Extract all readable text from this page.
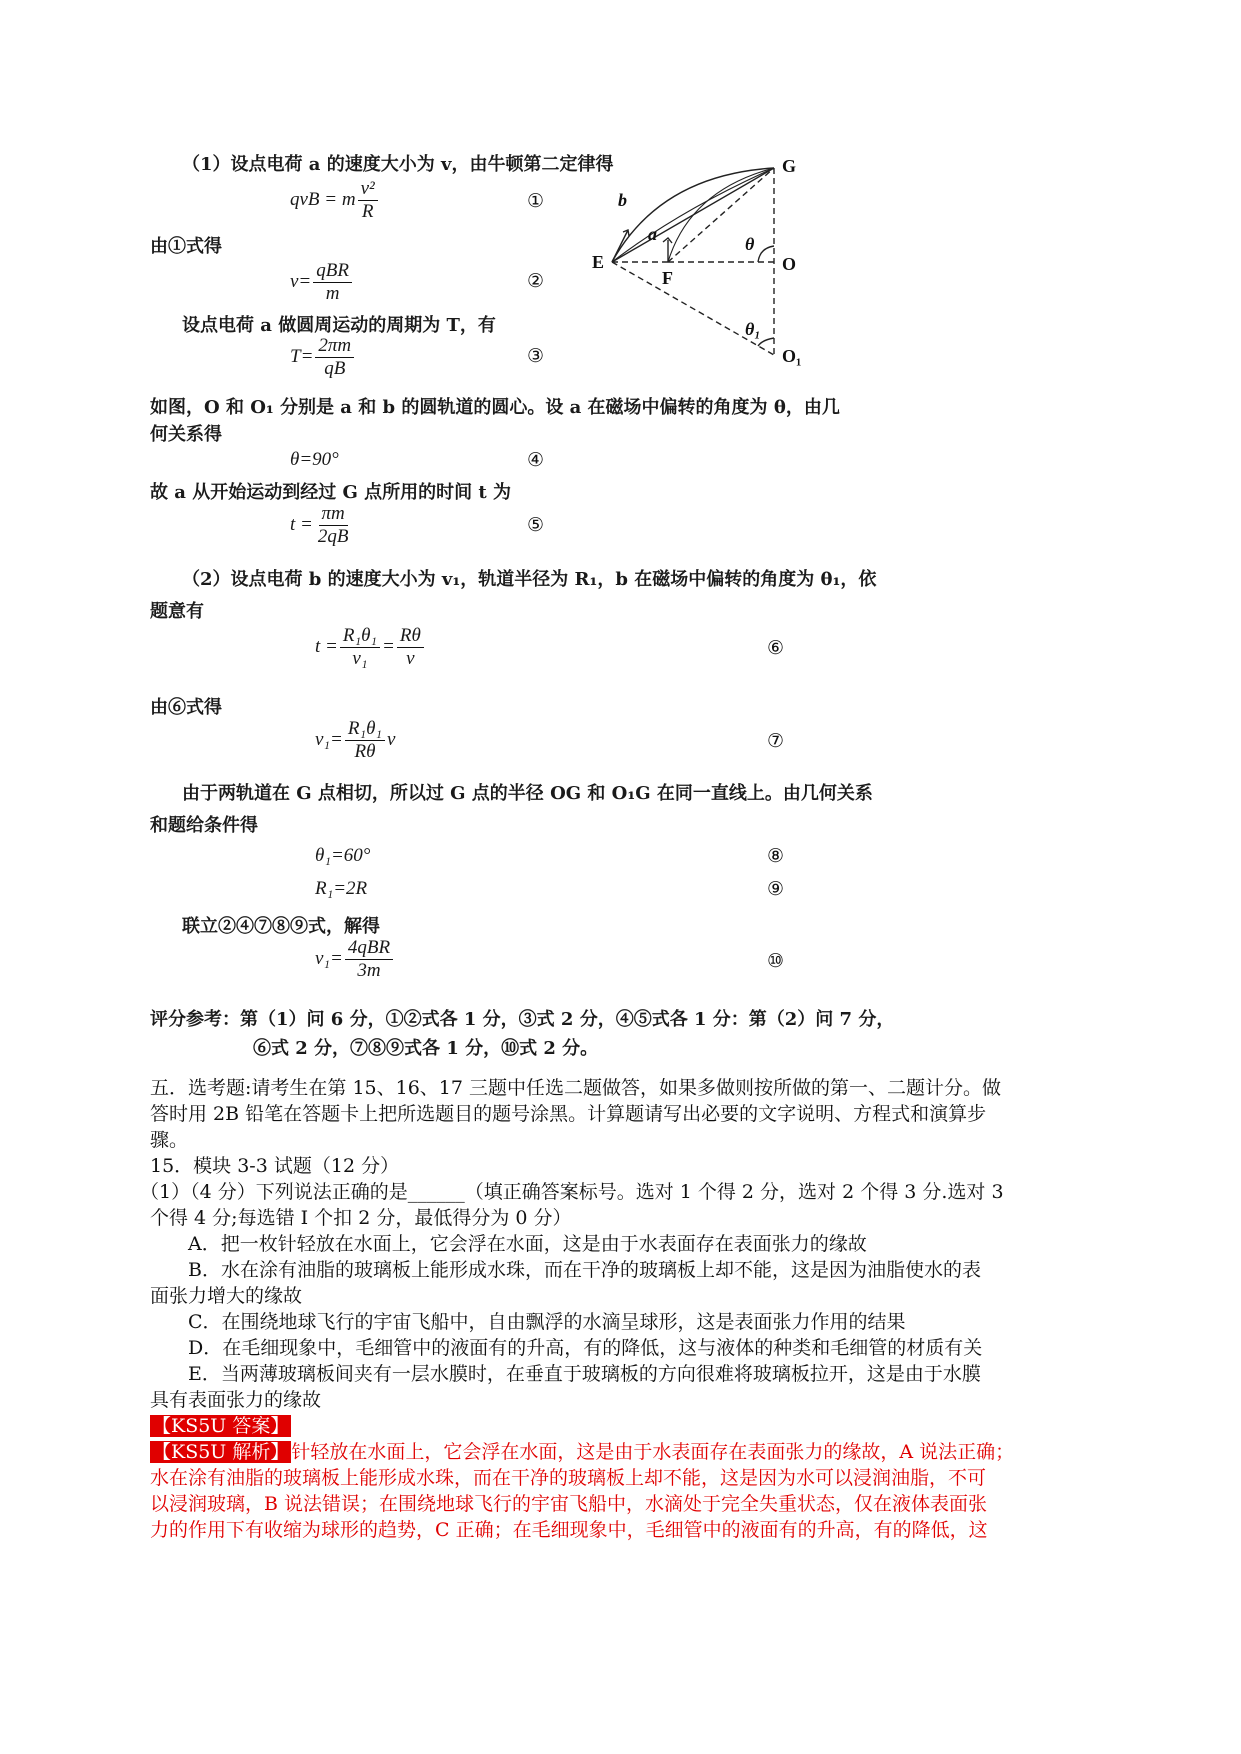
（1）设点电荷 a 的速度大小为 v，由牛顿第二定律得
qvB = m $\frac{\text{v²}}{R}$	①
由①式得
$v= \frac{\text{qBR}}{m}$	②
设点电荷 a 做圆周运动的周期为 T，有
$T= \frac{2\pi m}{qB}$	③
如图，O 和 O₁ 分别是 a 和 b 的圆轨道的圆心。设 a 在磁场中偏转的角度为 θ，由几
何关系得
θ=90°	④
故 a 从开始运动到经过 G 点所用的时间 t 为
$t = \frac{\pi m}{2qB}$	⑤
（2）设点电荷 b 的速度大小为 v₁，轨道半径为 R₁，b 在磁场中偏转的角度为 θ₁，依
题意有
$t = \frac{\text{R₁θ₁}}{\text{v₁}} = \frac{R\theta}{v}$	⑥
由⑥式得
$v_1= \frac{\text{R₁θ₁}}{R\theta}$ v	⑦
由于两轨道在 G 点相切，所以过 G 点的半径 OG 和 O₁G 在同一直线上。由几何关系
和题给条件得
θ₁=60°	⑧
R₁=2R	⑨
联立②④⑦⑧⑨式，解得
$v_1= \frac{\text{4qBR}}{3m}$	⑩
评分参考：第（1）问 6 分，①②式各 1 分，③式 2 分，④⑤式各 1 分：第（2）问 7 分，
⑥式 2 分，⑦⑧⑨式各 1 分，⑩式 2 分。
G
b
a	θ
E
F
O
θ₁
O₁
五．选考题:请考生在第 15、16、17 三题中任选二题做答，如果多做则按所做的第一、二题计分。做
答时用 2B 铅笔在答题卡上把所选题目的题号涂黑。计算题请写出必要的文字说明、方程式和演算步
骤。
15．模块 3-3 试题（12 分）
（1）（4 分）下列说法正确的是______（填正确答案标号。选对 1 个得 2 分，选对 2 个得 3 分.选对 3
个得 4 分;每选错 I 个扣 2 分，最低得分为 0 分）
A．把一枚针轻放在水面上，它会浮在水面，这是由于水表面存在表面张力的缘故
B．水在涂有油脂的玻璃板上能形成水珠，而在干净的玻璃板上却不能，这是因为油脂使水的表
面张力增大的缘故
C．在围绕地球飞行的宇宙飞船中，自由飘浮的水滴呈球形，这是表面张力作用的结果
D．在毛细现象中，毛细管中的液面有的升高，有的降低，这与液体的种类和毛细管的材质有关
E．当两薄玻璃板间夹有一层水膜时，在垂直于玻璃板的方向很难将玻璃板拉开，这是由于水膜
具有表面张力的缘故
【KS5U 答案】
【KS5U 解析】 针轻放在水面上，它会浮在水面，这是由于水表面存在表面张力的缘故，A 说法正确；
水在涂有油脂的玻璃板上能形成水珠，而在干净的玻璃板上却不能，这是因为水可以浸润油脂，不可
以浸润玻璃，B 说法错误；在围绕地球飞行的宇宙飞船中，水滴处于完全失重状态，仅在液体表面张
力的作用下有收缩为球形的趋势，C 正确；在毛细现象中，毛细管中的液面有的升高，有的降低，这
